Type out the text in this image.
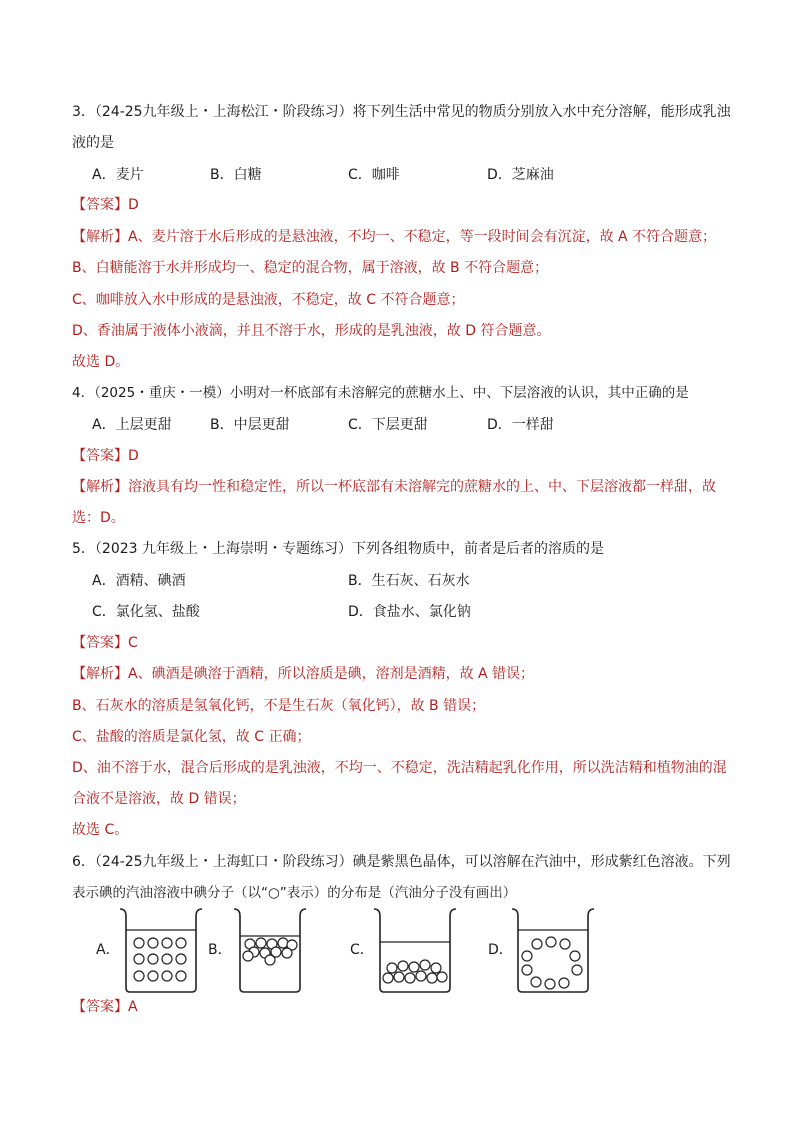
3．（24-25九年级上・上海松江・阶段练习）将下列生活中常见的物质分别放入水中充分溶解，能形成乳浊
液的是
A．麦片	B．白糖	C．咖啡	D．芝麻油
【答案】D
【解析】A、麦片溶于水后形成的是悬浊液，不均一、不稳定，等一段时间会有沉淀，故 A 不符合题意；
B、白糖能溶于水并形成均一、稳定的混合物，属于溶液，故 B 不符合题意；
C、咖啡放入水中形成的是悬浊液，不稳定，故 C 不符合题意；
D、香油属于液体小液滴，并且不溶于水，形成的是乳浊液，故 D 符合题意。
故选 D。
4．（2025・重庆・一模）小明对一杯底部有未溶解完的蔗糖水上、中、下层溶液的认识，其中正确的是
A．上层更甜	B．中层更甜	C．下层更甜	D．一样甜
【答案】D
【解析】溶液具有均一性和稳定性，所以一杯底部有未溶解完的蔗糖水的上、中、下层溶液都一样甜，故
选：D。
5．（2023 九年级上・上海崇明・专题练习）下列各组物质中，前者是后者的溶质的是
A．酒精、碘酒	B．生石灰、石灰水
C．氯化氢、盐酸	D．食盐水、氯化钠
【答案】C
【解析】A、碘酒是碘溶于酒精，所以溶质是碘，溶剂是酒精，故 A 错误；
B、石灰水的溶质是氢氧化钙，不是生石灰（氧化钙），故 B 错误；
C、盐酸的溶质是氯化氢，故 C 正确；
D、油不溶于水，混合后形成的是乳浊液，不均一、不稳定，洗洁精起乳化作用，所以洗洁精和植物油的混
合液不是溶液，故 D 错误；
故选 C。
6．（24-25九年级上・上海虹口・阶段练习）碘是紫黑色晶体，可以溶解在汽油中，形成紫红色溶液。下列
表示碘的汽油溶液中碘分子（以“○”表示）的分布是（汽油分子没有画出）
A．	B．	C．	D．
【答案】A
